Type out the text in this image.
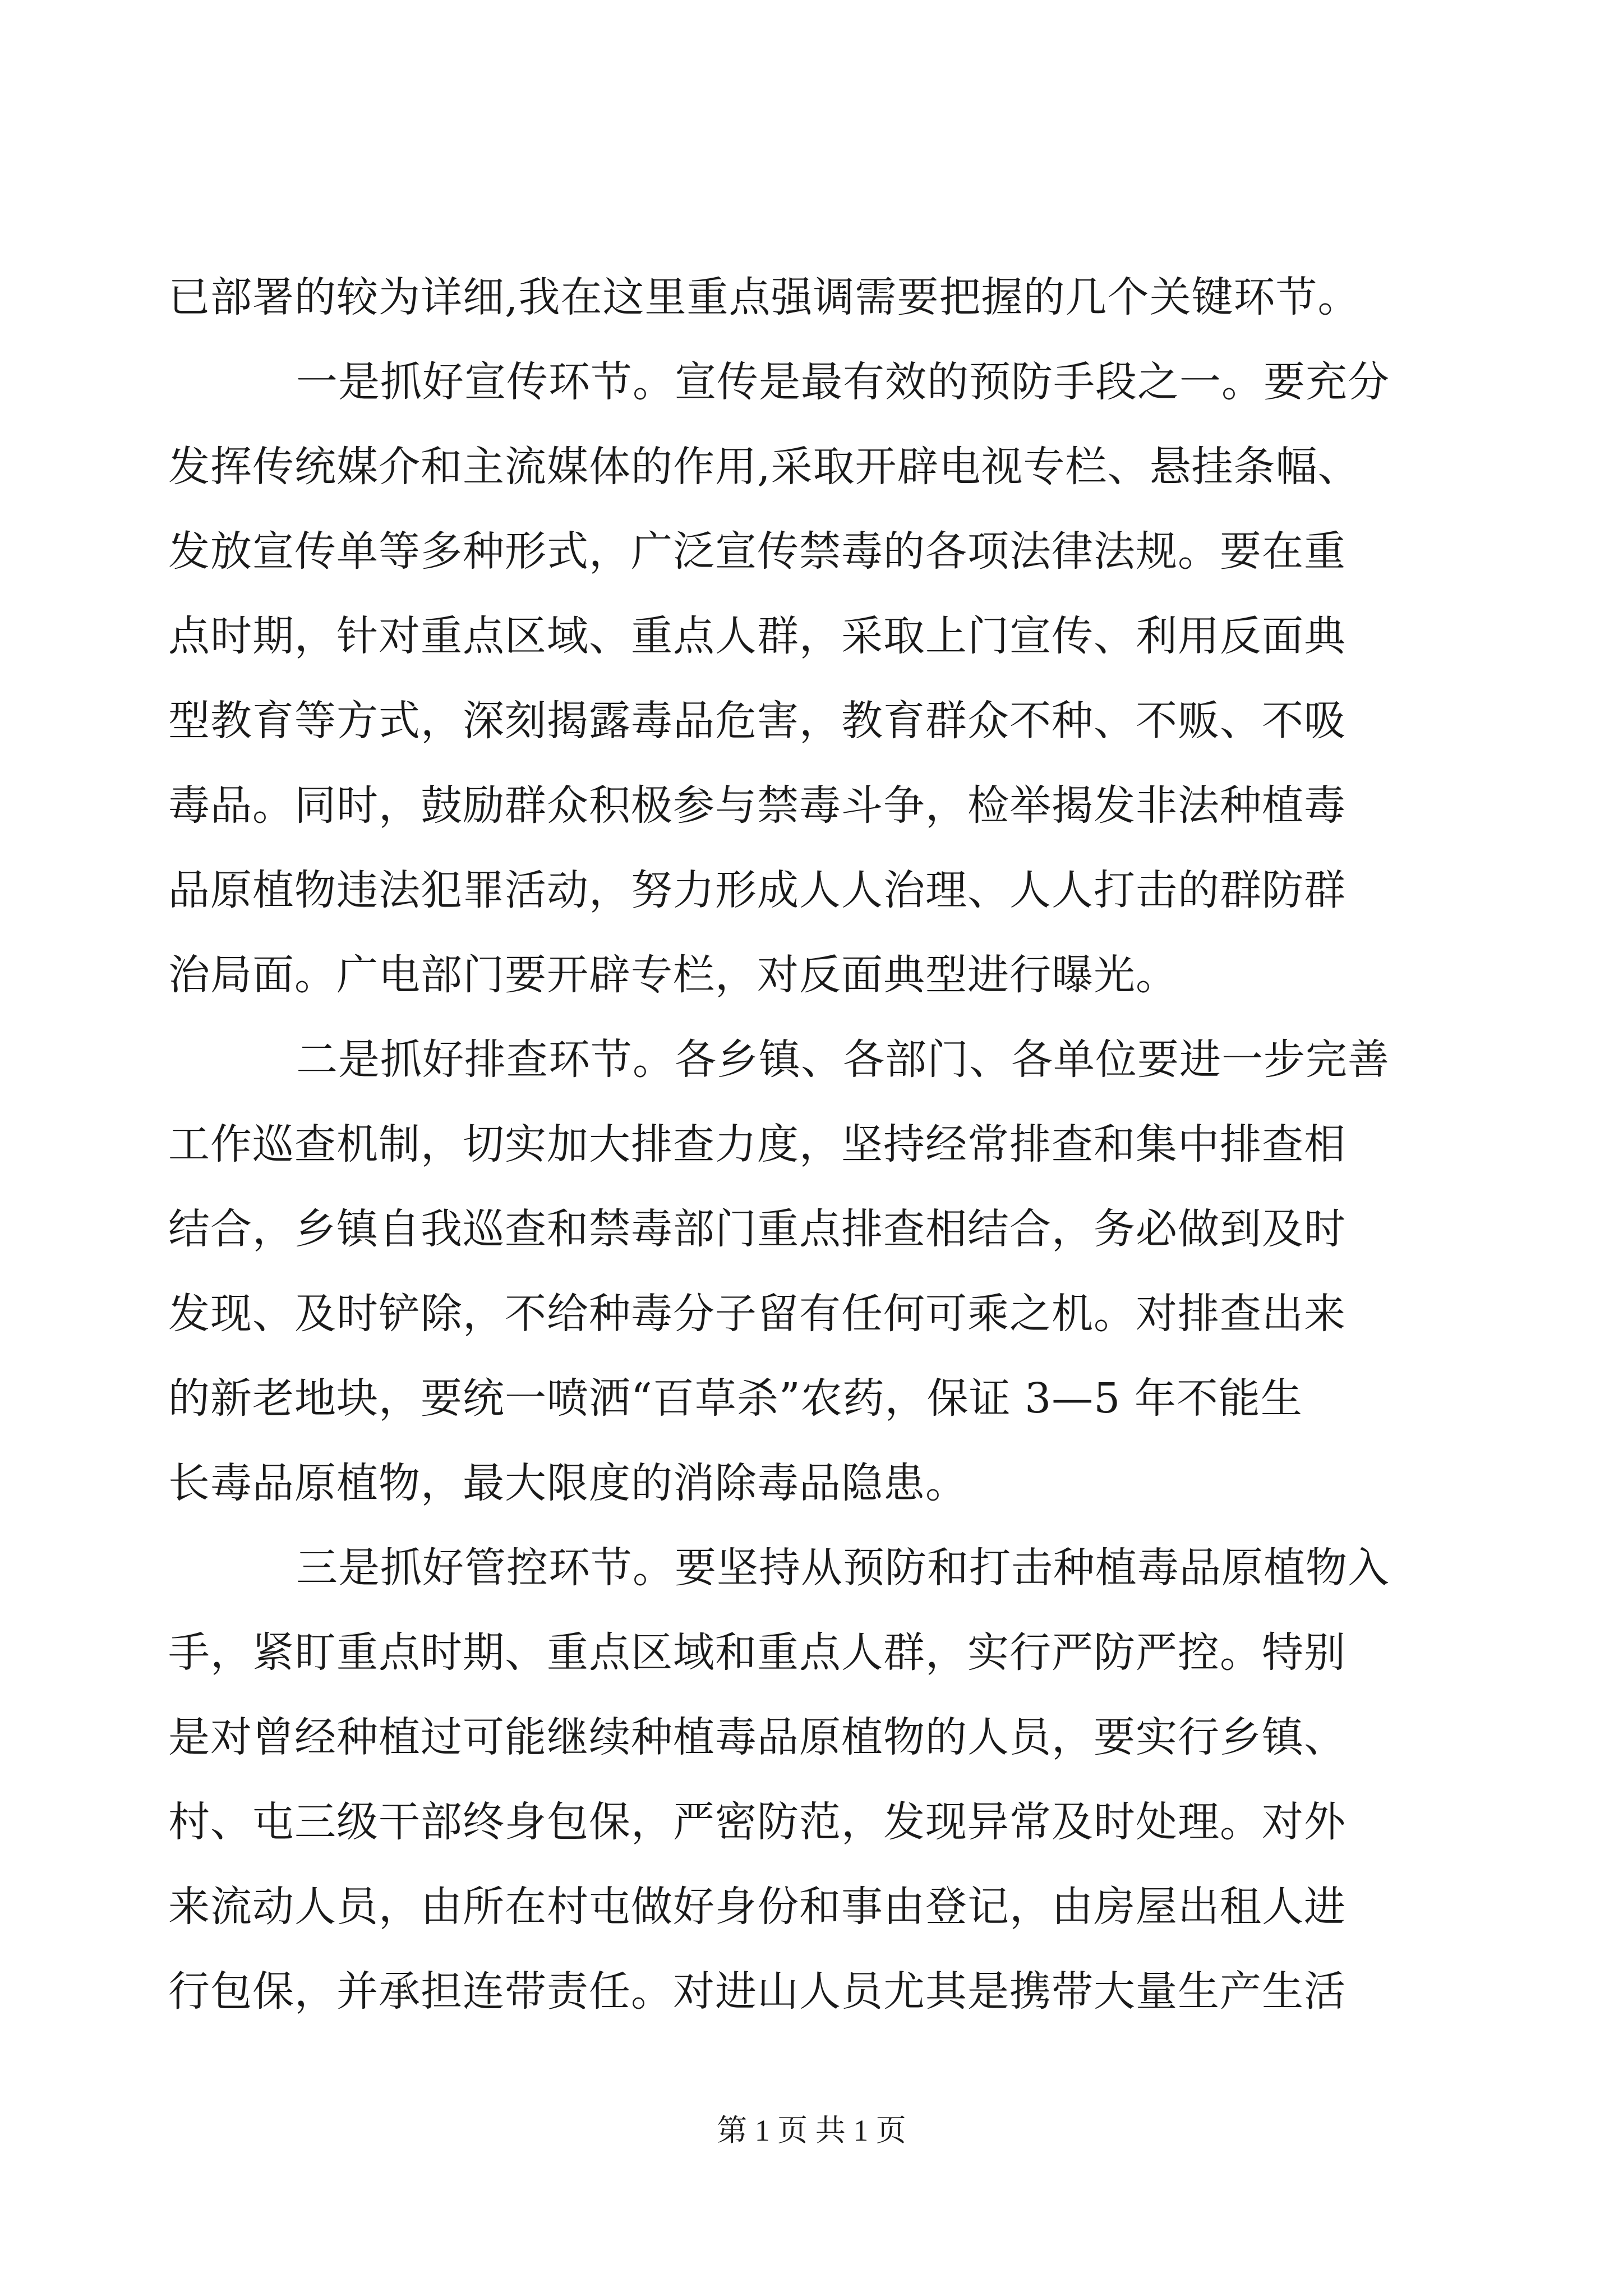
已部署的较为详细,我在这里重点强调需要把握的几个关键环节。
一是抓好宣传环节。宣传是最有效的预防手段之一。要充分
发挥传统媒介和主流媒体的作用,采取开辟电视专栏、悬挂条幅、
发放宣传单等多种形式，广泛宣传禁毒的各项法律法规。要在重
点时期，针对重点区域、重点人群，采取上门宣传、利用反面典
型教育等方式，深刻揭露毒品危害，教育群众不种、不贩、不吸
毒品。同时，鼓励群众积极参与禁毒斗争，检举揭发非法种植毒
品原植物违法犯罪活动，努力形成人人治理、人人打击的群防群
治局面。广电部门要开辟专栏，对反面典型进行曝光。
二是抓好排查环节。各乡镇、各部门、各单位要进一步完善
工作巡查机制，切实加大排查力度，坚持经常排查和集中排查相
结合，乡镇自我巡查和禁毒部门重点排查相结合，务必做到及时
发现、及时铲除，不给种毒分子留有任何可乘之机。对排查出来
的新老地块，要统一喷洒“百草杀”农药，保证 3—5 年不能生
长毒品原植物，最大限度的消除毒品隐患。
三是抓好管控环节。要坚持从预防和打击种植毒品原植物入
手，紧盯重点时期、重点区域和重点人群，实行严防严控。特别
是对曾经种植过可能继续种植毒品原植物的人员，要实行乡镇、
村、屯三级干部终身包保，严密防范，发现异常及时处理。对外
来流动人员，由所在村屯做好身份和事由登记，由房屋出租人进
行包保，并承担连带责任。对进山人员尤其是携带大量生产生活
第 1 页 共 1 页
